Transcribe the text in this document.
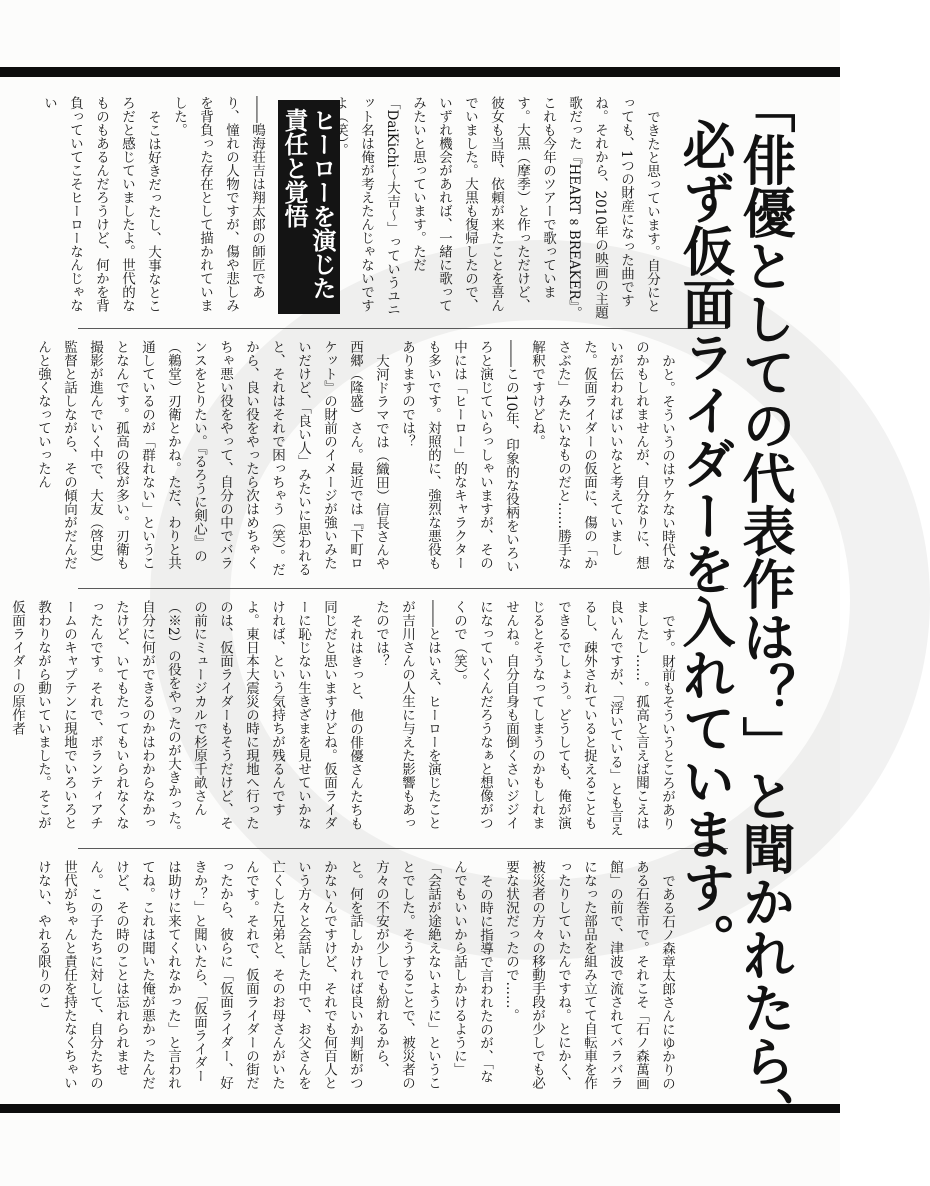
「俳優としての代表作は？」と聞かれたら、
必ず仮面ライダーを入れています。
ヒーローを演じた
責任と覚悟	できたと思っています。自分にとっても、1つの財産になった曲ですね。それから、2010年の映画の主題歌だった『HEART∞BREAKER』。これも今年のツアーで歌っています。大黒（摩季）と作っただけど、彼女も当時、依頼が来たことを喜んでいました。大黒も復帰したので、いずれ機会があれば、一緒に歌ってみたいと思っています。ただ「DaiKichi～大吉～」っていうユニット名は俺が考えたんじゃないですよ（笑）。

――鳴海荘吉は翔太郎の師匠であり、憧れの人物ですが、傷や悲しみを背負った存在として描かれていました。

そこは好きだったし、大事なところだと感じていましたよ。世代的なものもあるんだろうけど、何かを背負っていてこそヒーローなんじゃない

かと。そういうのはウケない時代なのかもしれませんが、自分なりに、想いが伝わればいいなと考えていました。仮面ライダーの仮面に、傷の「かさぶた」みたいなものだと……勝手な解釈ですけどね。

――この10年、印象的な役柄をいろいろと演じていらっしゃいますが、その中には「ヒーロー」的なキャラクターも多いです。対照的に、強烈な悪役もありますのでは？

大河ドラマでは（織田）信長さんや西郷（隆盛）さん。最近では『下町ロケット』の財前のイメージが強いみたいだけど、「良い人」みたいに思われると、それはそれで困っちゃう（笑）。だから、良い役をやったら次はめちゃくちゃ悪い役をやって、自分の中でバランスをとりたい。『るろうに剣心』の（鵜堂）刃衛とかね。ただ、わりと共通しているのが「群れない」ということなんです。孤高の役が多い。刃衛も撮影が進んでいく中で、大友（啓史）監督と話しながら、その傾向がだんだんと強くなっていったん

です。財前もそういうところがありましたし……。孤高と言えば聞こえは良いんですが、「浮いている」とも言えるし、疎外されていると捉えることもできるでしょう。どうしても、俺が演じるとそうなってしまうのかもしれませんね。自分自身も面倒くさいジジイになっていくんだろうなぁと想像がつくので（笑）。

――とはいえ、ヒーローを演じたことが吉川さんの人生に与えた影響もあったのでは？

それはきっと、他の俳優さんたちも同じだと思いますけどね。仮面ライダーに恥じない生きざまを見せていかなければ、という気持ちが残るんですよ。東日本大震災の時に現地へ行ったのは、仮面ライダーもそうだけど、その前にミュージカルで杉原千畝さん（※2）の役をやったのが大きかった。自分に何ができるのかはわからなかったけど、いてもたってもいられなくなったんです。それで、ボランティアチームのキャプテンに現地でいろいろと教わりながら動いていました。そこが仮面ライダーの原作者

である石ノ森章太郎さんにゆかりのある石巻市で。それこそ「石ノ森萬画館」の前で、津波で流されてバラバラになった部品を組み立てて自転車を作ったりしていたんですね。とにかく、被災者の方々の移動手段が少しでも必要な状況だったので……。

その時に指導で言われたのが、「なんでもいいから話しかけるように」「会話が途絶えないように」ということでした。そうすることで、被災者の方々の不安が少しでも紛れるから、と。何を話しかければ良いか判断がつかないんですけど、それでも何百人という方々と会話した中で、お父さんを亡くした兄弟と、そのお母さんがいたんです。それで、仮面ライダーの街だったから、彼らに「仮面ライダー、好きか？」と聞いたら、「仮面ライダーは助けに来てくれなかった」と言われてね。これは聞いた俺が悪かったんだけど、その時のことは忘れられません。この子たちに対して、自分たちの世代がちゃんと責任を持たなくちゃいけない、やれる限りのこ
